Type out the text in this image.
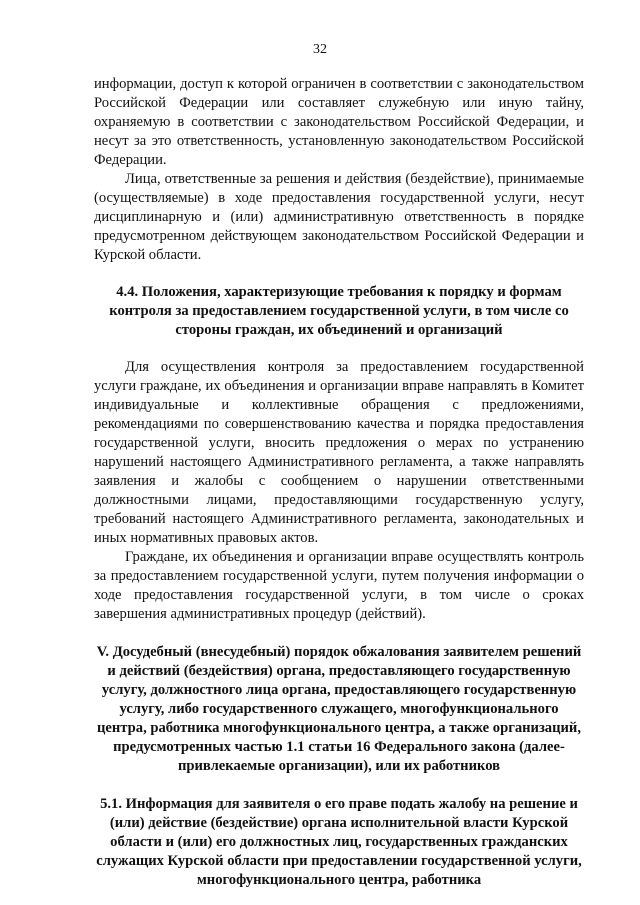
32

информации, доступ к которой ограничен в соответствии с законодательством Российской Федерации или составляет служебную или иную тайну, охраняемую в соответствии с законодательством Российской Федерации, и несут за это ответственность, установленную законодательством Российской Федерации.

Лица, ответственные за решения и действия (бездействие), принимаемые (осуществляемые) в ходе предоставления государственной услуги, несут дисциплинарную и (или) административную ответственность в порядке предусмотренном действующем законодательством Российской Федерации и Курской области.

4.4. Положения, характеризующие требования к порядку и формам контроля за предоставлением государственной услуги, в том числе со стороны граждан, их объединений и организаций

Для осуществления контроля за предоставлением государственной услуги граждане, их объединения и организации вправе направлять в Комитет индивидуальные и коллективные обращения с предложениями, рекомендациями по совершенствованию качества и порядка предоставления государственной услуги, вносить предложения о мерах по устранению нарушений настоящего Административного регламента, а также направлять заявления и жалобы с сообщением о нарушении ответственными должностными лицами, предоставляющими государственную услугу, требований настоящего Административного регламента, законодательных и иных нормативных правовых актов.

Граждане, их объединения и организации вправе осуществлять контроль за предоставлением государственной услуги, путем получения информации о ходе предоставления государственной услуги, в том числе о сроках завершения административных процедур (действий).

V. Досудебный (внесудебный) порядок обжалования заявителем решений и действий (бездействия) органа, предоставляющего государственную услугу, должностного лица органа, предоставляющего государственную услугу, либо государственного служащего, многофункционального центра, работника многофункционального центра, а также организаций, предусмотренных частью 1.1 статьи 16 Федерального закона (далее- привлекаемые организации), или их работников
5.1. Информация для заявителя о его праве подать жалобу на решение и (или) действие (бездействие) органа исполнительной власти Курской области и (или) его должностных лиц, государственных гражданских служащих Курской области при предоставлении государственной услуги, многофункционального центра, работника
